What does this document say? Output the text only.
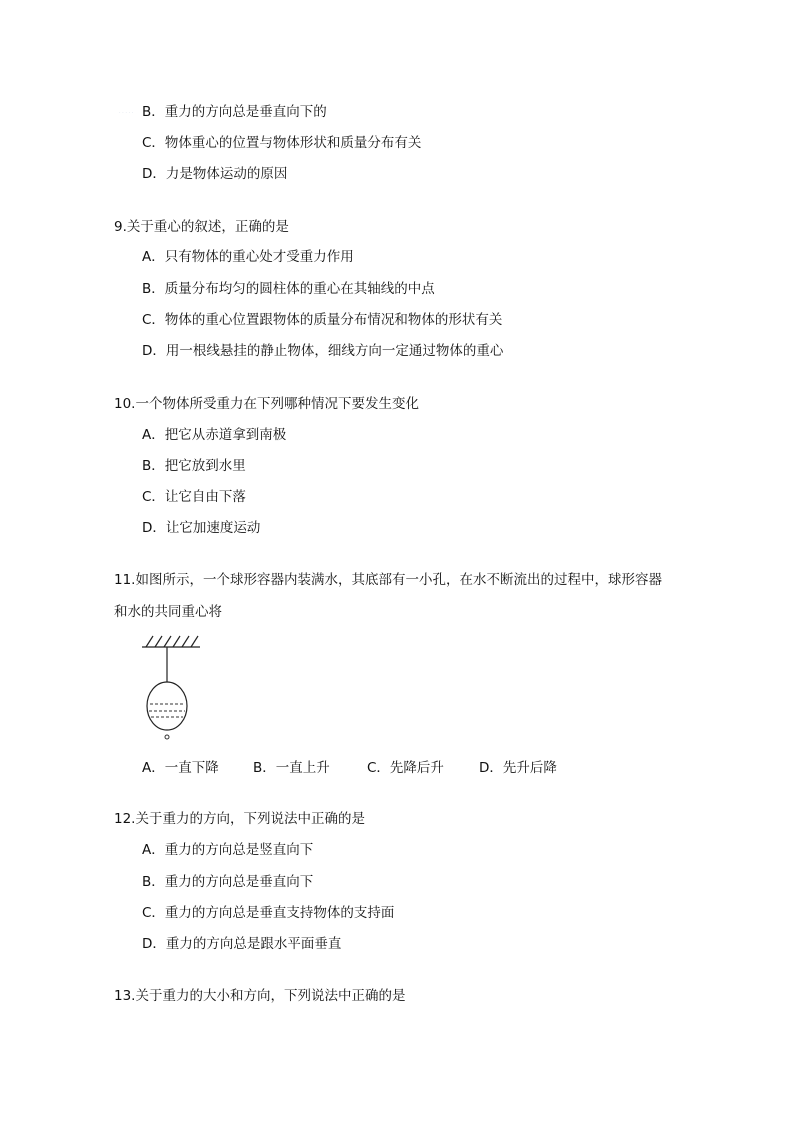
· · · · · B．重力的方向总是垂直向下的
C．物体重心的位置与物体形状和质量分布有关
D．力是物体运动的原因
9.关于重心的叙述，正确的是
A．只有物体的重心处才受重力作用
B．质量分布均匀的圆柱体的重心在其轴线的中点
C．物体的重心位置跟物体的质量分布情况和物体的形状有关
D．用一根线悬挂的静止物体，细线方向一定通过物体的重心
10.一个物体所受重力在下列哪种情况下要发生变化
A．把它从赤道拿到南极
B．把它放到水里
C．让它自由下落
D．让它加速度运动
11.如图所示，一个球形容器内装满水，其底部有一小孔，在水不断流出的过程中，球形容器
和水的共同重心将
A．一直下降	B．一直上升	C．先降后升	D．先升后降
12.关于重力的方向，下列说法中正确的是
A．重力的方向总是竖直向下
B．重力的方向总是垂直向下
C．重力的方向总是垂直支持物体的支持面
D．重力的方向总是跟水平面垂直
13.关于重力的大小和方向，下列说法中正确的是
